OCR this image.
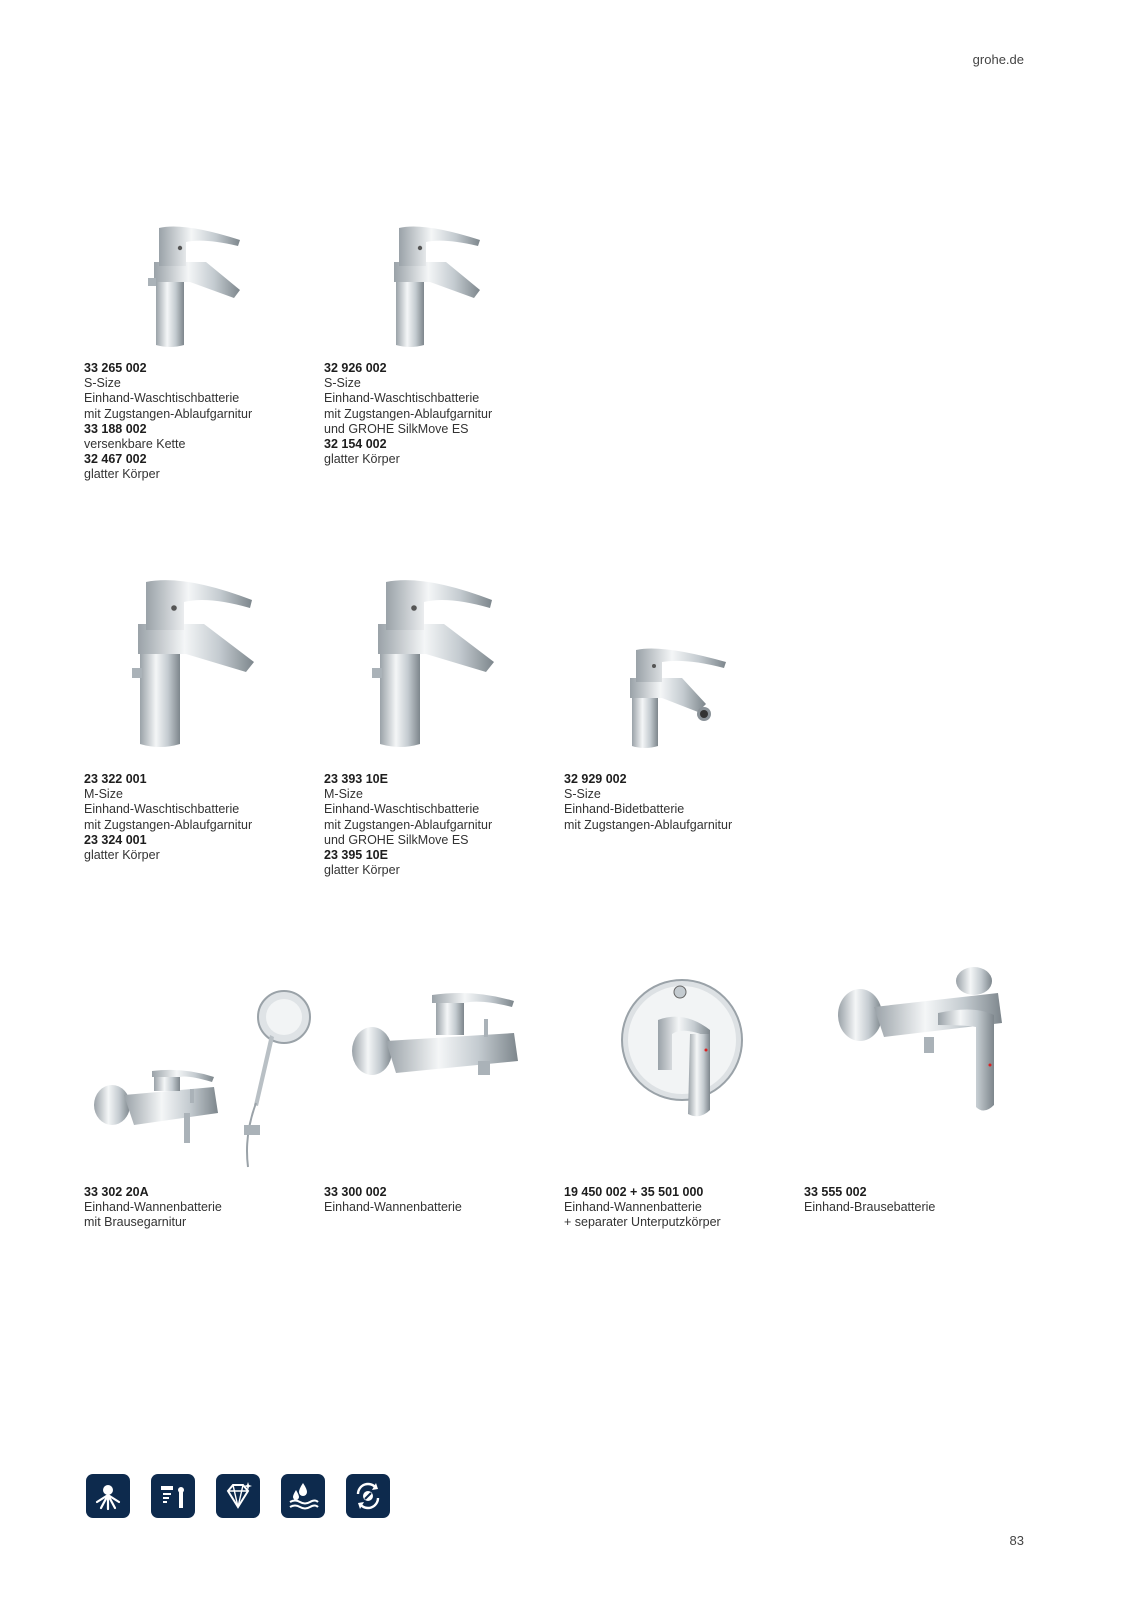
grohe.de
33 265 002
S-Size
Einhand-Waschtischbatterie
mit Zugstangen-Ablaufgarnitur
33 188 002
versenkbare Kette
32 467 002
glatter Körper
32 926 002
S-Size
Einhand-Waschtischbatterie
mit Zugstangen-Ablaufgarnitur
und GROHE SilkMove ES
32 154 002
glatter Körper
23 322 001
M-Size
Einhand-Waschtischbatterie
mit Zugstangen-Ablaufgarnitur
23 324 001
glatter Körper
23 393 10E
M-Size
Einhand-Waschtischbatterie
mit Zugstangen-Ablaufgarnitur
und GROHE SilkMove ES
23 395 10E
glatter Körper
32 929 002
S-Size
Einhand-Bidetbatterie
mit Zugstangen-Ablaufgarnitur
33 302 20A
Einhand-Wannenbatterie
mit Brausegarnitur
33 300 002
Einhand-Wannenbatterie
19 450 002 + 35 501 000
Einhand-Wannenbatterie
+ separater Unterputzkörper
33 555 002
Einhand-Brausebatterie
83
